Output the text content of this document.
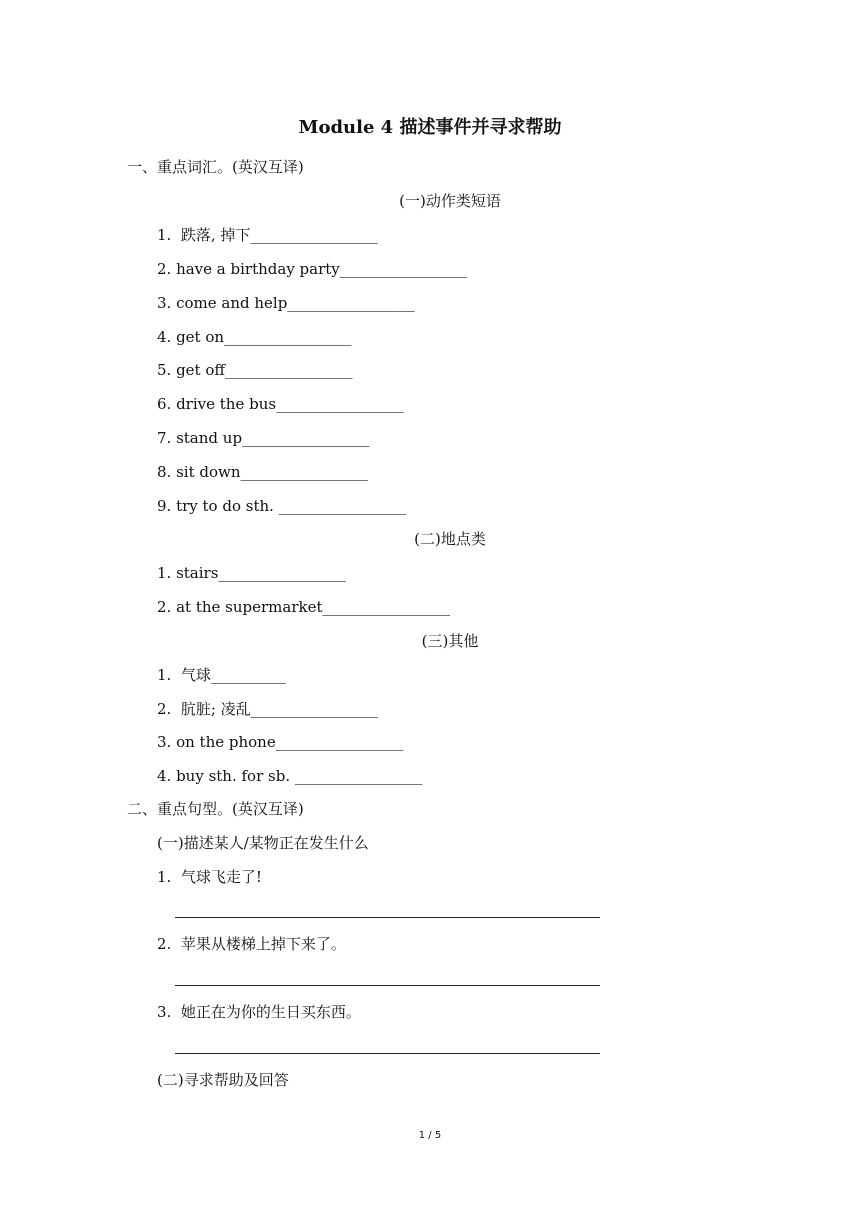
Module 4 描述事件并寻求帮助
一、重点词汇。(英汉互译)
(一)动作类短语
1.  跌落, 掉下_________________
2. have a birthday party_________________
3. come and help_________________
4. get on_________________
5. get off_________________
6. drive the bus_________________
7. stand up_________________
8. sit down_________________
9. try to do sth. _________________
(二)地点类
1. stairs_________________
2. at the supermarket_________________
(三)其他
1.  气球__________
2.  肮脏; 凌乱_________________
3. on the phone_________________
4. buy sth. for sb. _________________
二、重点句型。(英汉互译)
(一)描述某人/某物正在发生什么
1.  气球飞走了!
2.  苹果从楼梯上掉下来了。
3.  她正在为你的生日买东西。
(二)寻求帮助及回答
1 / 5
